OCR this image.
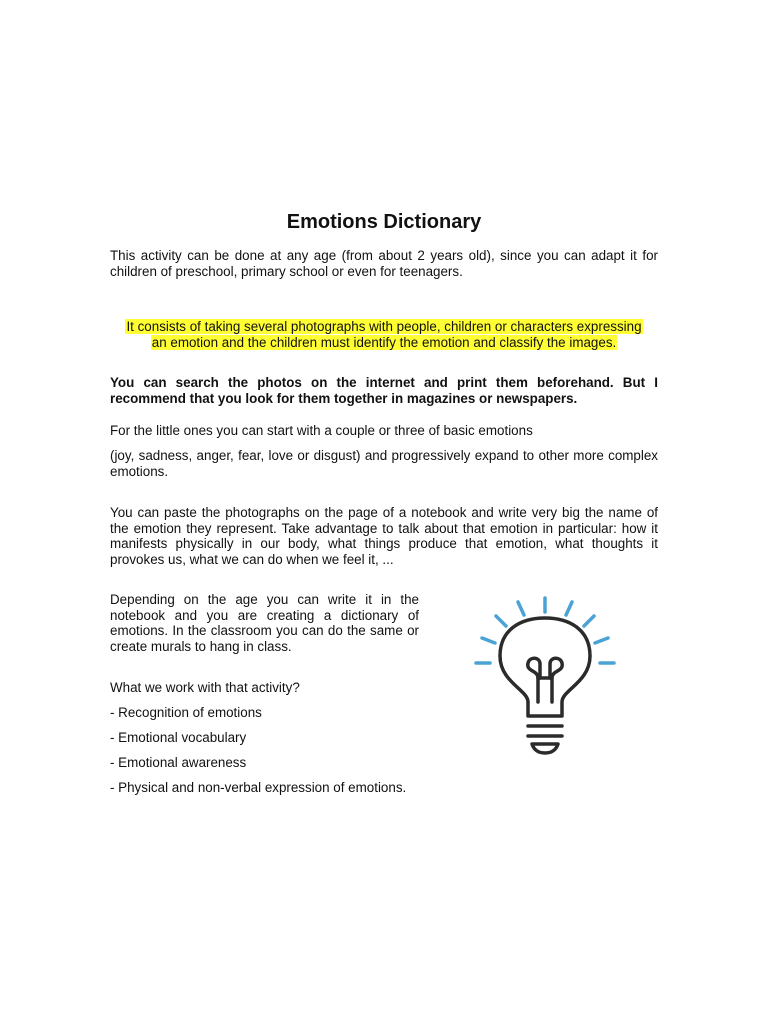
Emotions Dictionary
This activity can be done at any age (from about 2 years old), since you can adapt it for children of preschool, primary school or even for teenagers.
It consists of taking several photographs with people, children or characters expressing
an emotion and the children must identify the emotion and classify the images.
You can search the photos on the internet and print them beforehand. But I recommend that you look for them together in magazines or newspapers.
For the little ones you can start with a couple or three of basic emotions
(joy, sadness, anger, fear, love or disgust) and progressively expand to other more complex emotions.
You can paste the photographs on the page of a notebook and write very big the name of the emotion they represent. Take advantage to talk about that emotion in particular: how it manifests physically in our body, what things produce that emotion, what thoughts it provokes us, what we can do when we feel it, ...
Depending on the age you can write it in the notebook and you are creating a dictionary of emotions. In the classroom you can do the same or create murals to hang in class.
What we work with that activity?
- Recognition of emotions
- Emotional vocabulary
- Emotional awareness
- Physical and non-verbal expression of emotions.
